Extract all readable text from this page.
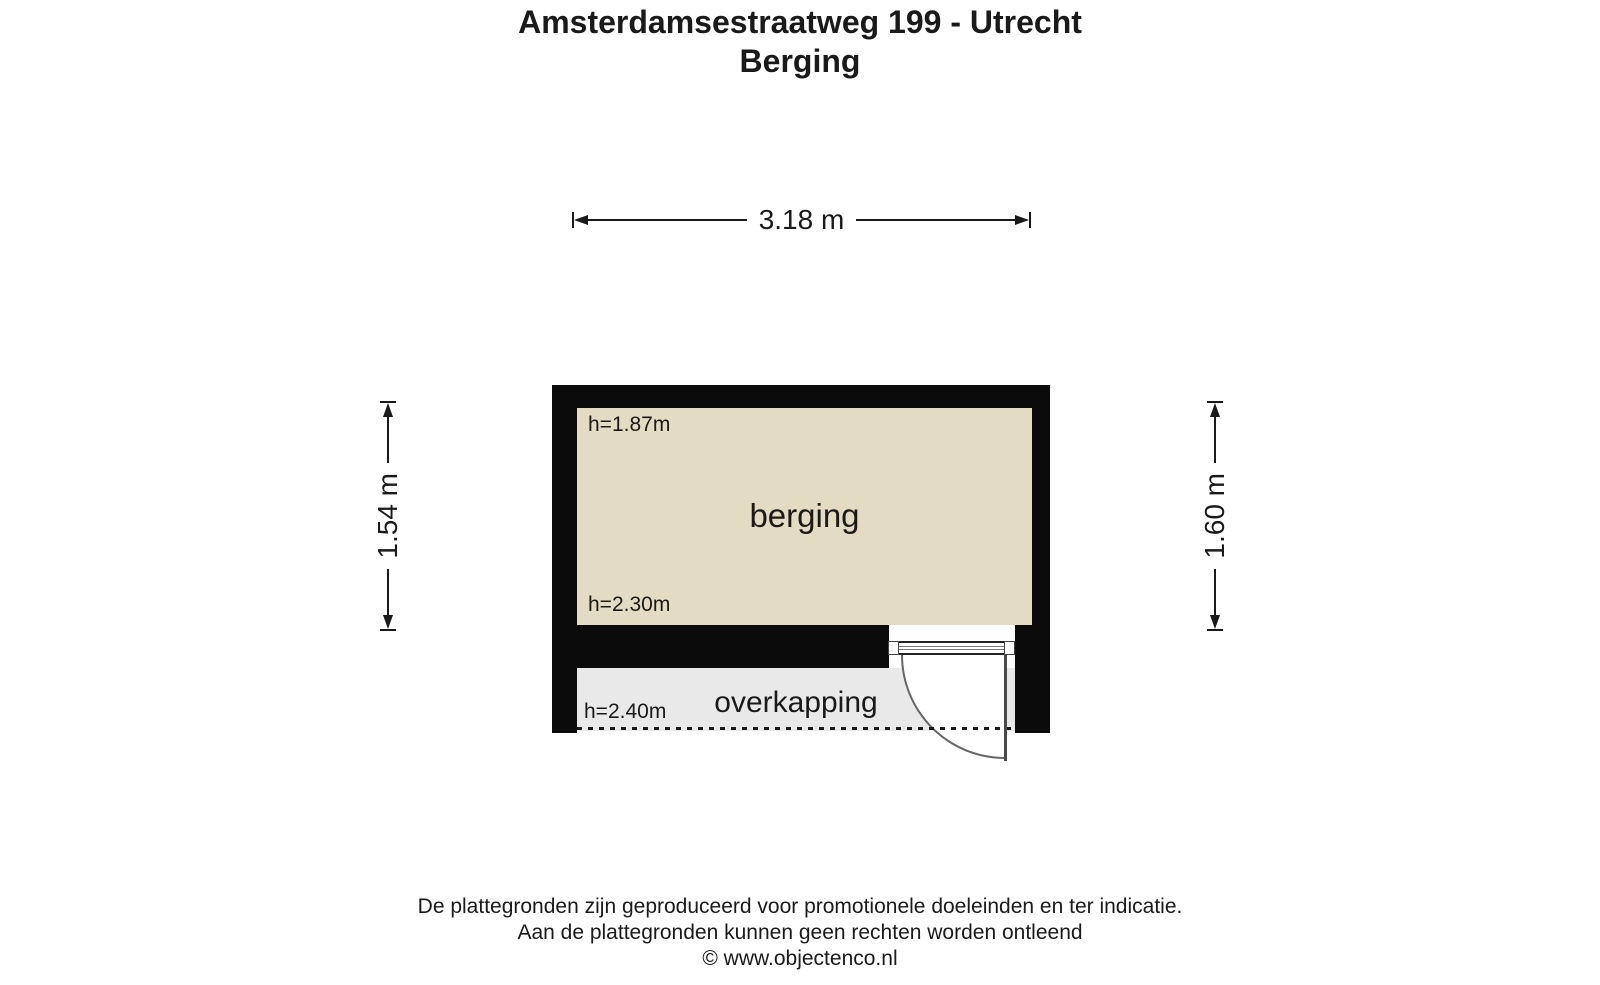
Amsterdamsestraatweg 199 - Utrecht
Berging
3.18 m
1.54 m	1.60 m
h=1.87m
berging
h=2.30m
h=2.40m	overkapping
De plattegronden zijn geproduceerd voor promotionele doeleinden en ter indicatie.
Aan de plattegronden kunnen geen rechten worden ontleend
© www.objectenco.nl
